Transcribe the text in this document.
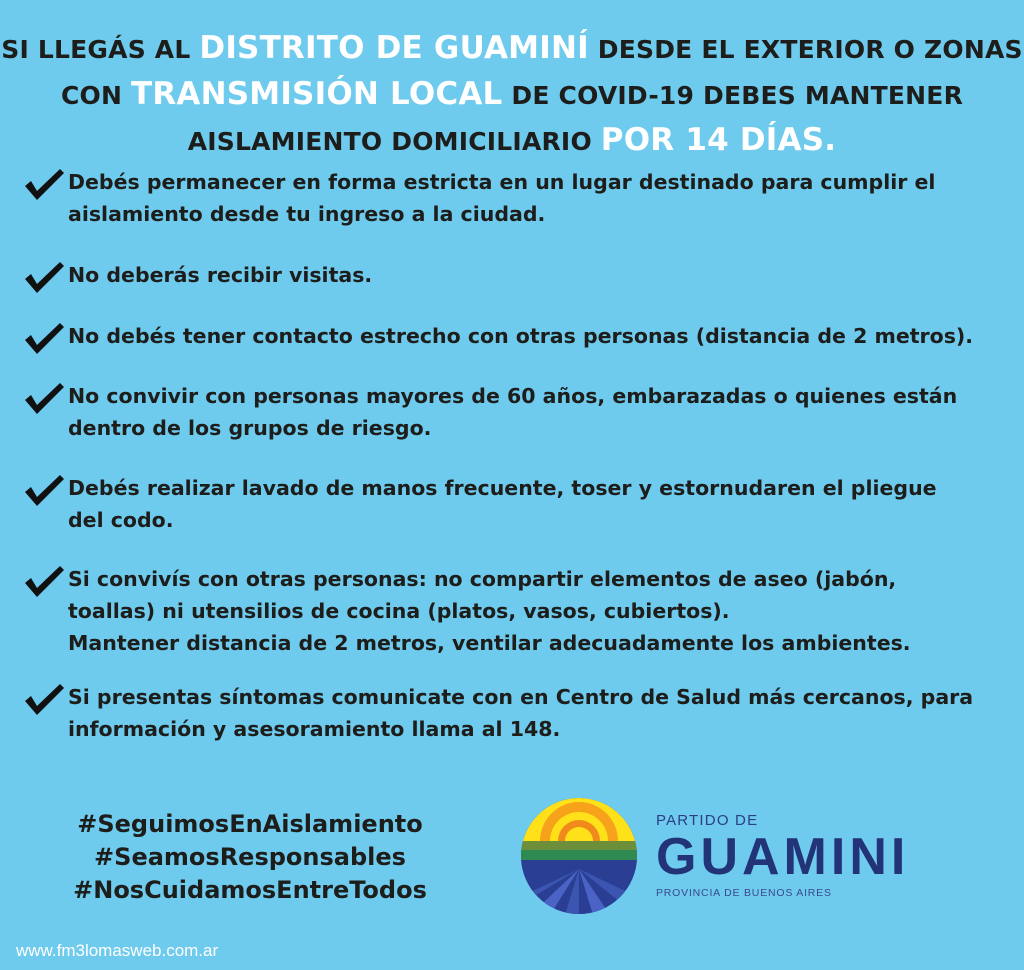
SI LLEGÁS AL DISTRITO DE GUAMINÍ DESDE EL EXTERIOR O ZONAS
CON TRANSMISIÓN LOCAL DE COVID-19 DEBES MANTENER
AISLAMIENTO DOMICILIARIO POR 14 DÍAS.
Debés permanecer en forma estricta en un lugar destinado para cumplir el
aislamiento desde tu ingreso a la ciudad.
No deberás recibir visitas.
No debés tener contacto estrecho con otras personas (distancia de 2 metros).
No convivir con personas mayores de 60 años, embarazadas o quienes están
dentro de los grupos de riesgo.
Debés realizar lavado de manos frecuente, toser y estornudaren el pliegue
del codo.
Si convivís con otras personas: no compartir elementos de aseo (jabón,
toallas) ni utensilios de cocina (platos, vasos, cubiertos).
Mantener distancia de 2 metros, ventilar adecuadamente los ambientes.
Si presentas síntomas comunicate con en Centro de Salud más cercanos, para
información y asesoramiento llama al 148.
#SeguimosEnAislamiento
#SeamosResponsables
#NosCuidamosEntreTodos
PARTIDO DE
GUAMINI
PROVINCIA DE BUENOS AIRES
www.fm3lomasweb.com.ar
